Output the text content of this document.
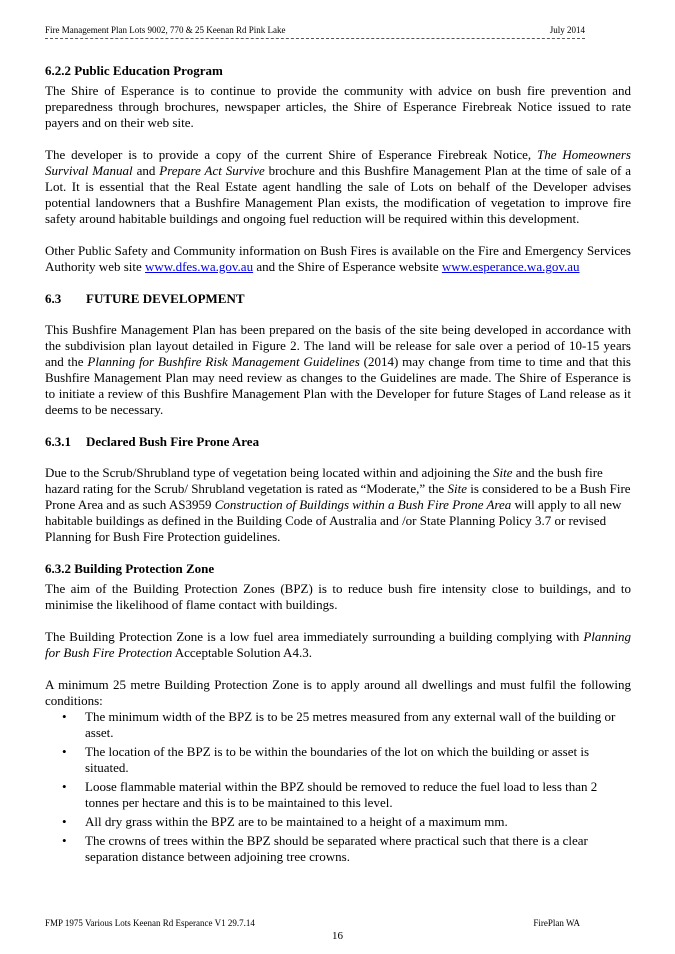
Fire Management Plan Lots 9002, 770 & 25 Keenan Rd Pink Lake	July 2014
6.2.2 Public Education Program

The Shire of Esperance is to continue to provide the community with advice on bush fire prevention and preparedness through brochures, newspaper articles, the Shire of Esperance Firebreak Notice issued to rate payers and on their web site.

The developer is to provide a copy of the current Shire of Esperance Firebreak Notice, The Homeowners Survival Manual and Prepare Act Survive brochure and this Bushfire Management Plan at the time of sale of a Lot. It is essential that the Real Estate agent handling the sale of Lots on behalf of the Developer advises potential landowners that a Bushfire Management Plan exists, the modification of vegetation to improve fire safety around habitable buildings and ongoing fuel reduction will be required within this development.

Other Public Safety and Community information on Bush Fires is available on the Fire and Emergency Services Authority web site www.dfes.wa.gov.au and the Shire of Esperance website www.esperance.wa.gov.au

6.3 FUTURE DEVELOPMENT

This Bushfire Management Plan has been prepared on the basis of the site being developed in accordance with the subdivision plan layout detailed in Figure 2. The land will be release for sale over a period of 10-15 years and the Planning for Bushfire Risk Management Guidelines (2014) may change from time to time and that this Bushfire Management Plan may need review as changes to the Guidelines are made. The Shire of Esperance is to initiate a review of this Bushfire Management Plan with the Developer for future Stages of Land release as it deems to be necessary.

6.3.1 Declared Bush Fire Prone Area

Due to the Scrub/Shrubland type of vegetation being located within and adjoining the Site and the bush fire hazard rating for the Scrub/ Shrubland vegetation is rated as “Moderate,” the Site is considered to be a Bush Fire Prone Area and as such AS3959 Construction of Buildings within a Bush Fire Prone Area will apply to all new habitable buildings as defined in the Building Code of Australia and /or State Planning Policy 3.7 or revised Planning for Bush Fire Protection guidelines.

6.3.2 Building Protection Zone

The aim of the Building Protection Zones (BPZ) is to reduce bush fire intensity close to buildings, and to minimise the likelihood of flame contact with buildings.

The Building Protection Zone is a low fuel area immediately surrounding a building complying with Planning for Bush Fire Protection Acceptable Solution A4.3.

A minimum 25 metre Building Protection Zone is to apply around all dwellings and must fulfil the following conditions:

• The minimum width of the BPZ is to be 25 metres measured from any external wall of the building or asset.
• The location of the BPZ is to be within the boundaries of the lot on which the building or asset is situated.
• Loose flammable material within the BPZ should be removed to reduce the fuel load to less than 2 tonnes per hectare and this is to be maintained to this level.
• All dry grass within the BPZ are to be maintained to a height of a maximum mm.
• The crowns of trees within the BPZ should be separated where practical such that there is a clear separation distance between adjoining tree crowns.
FMP 1975 Various Lots Keenan Rd Esperance V1 29.7.14	FirePlan WA
16
